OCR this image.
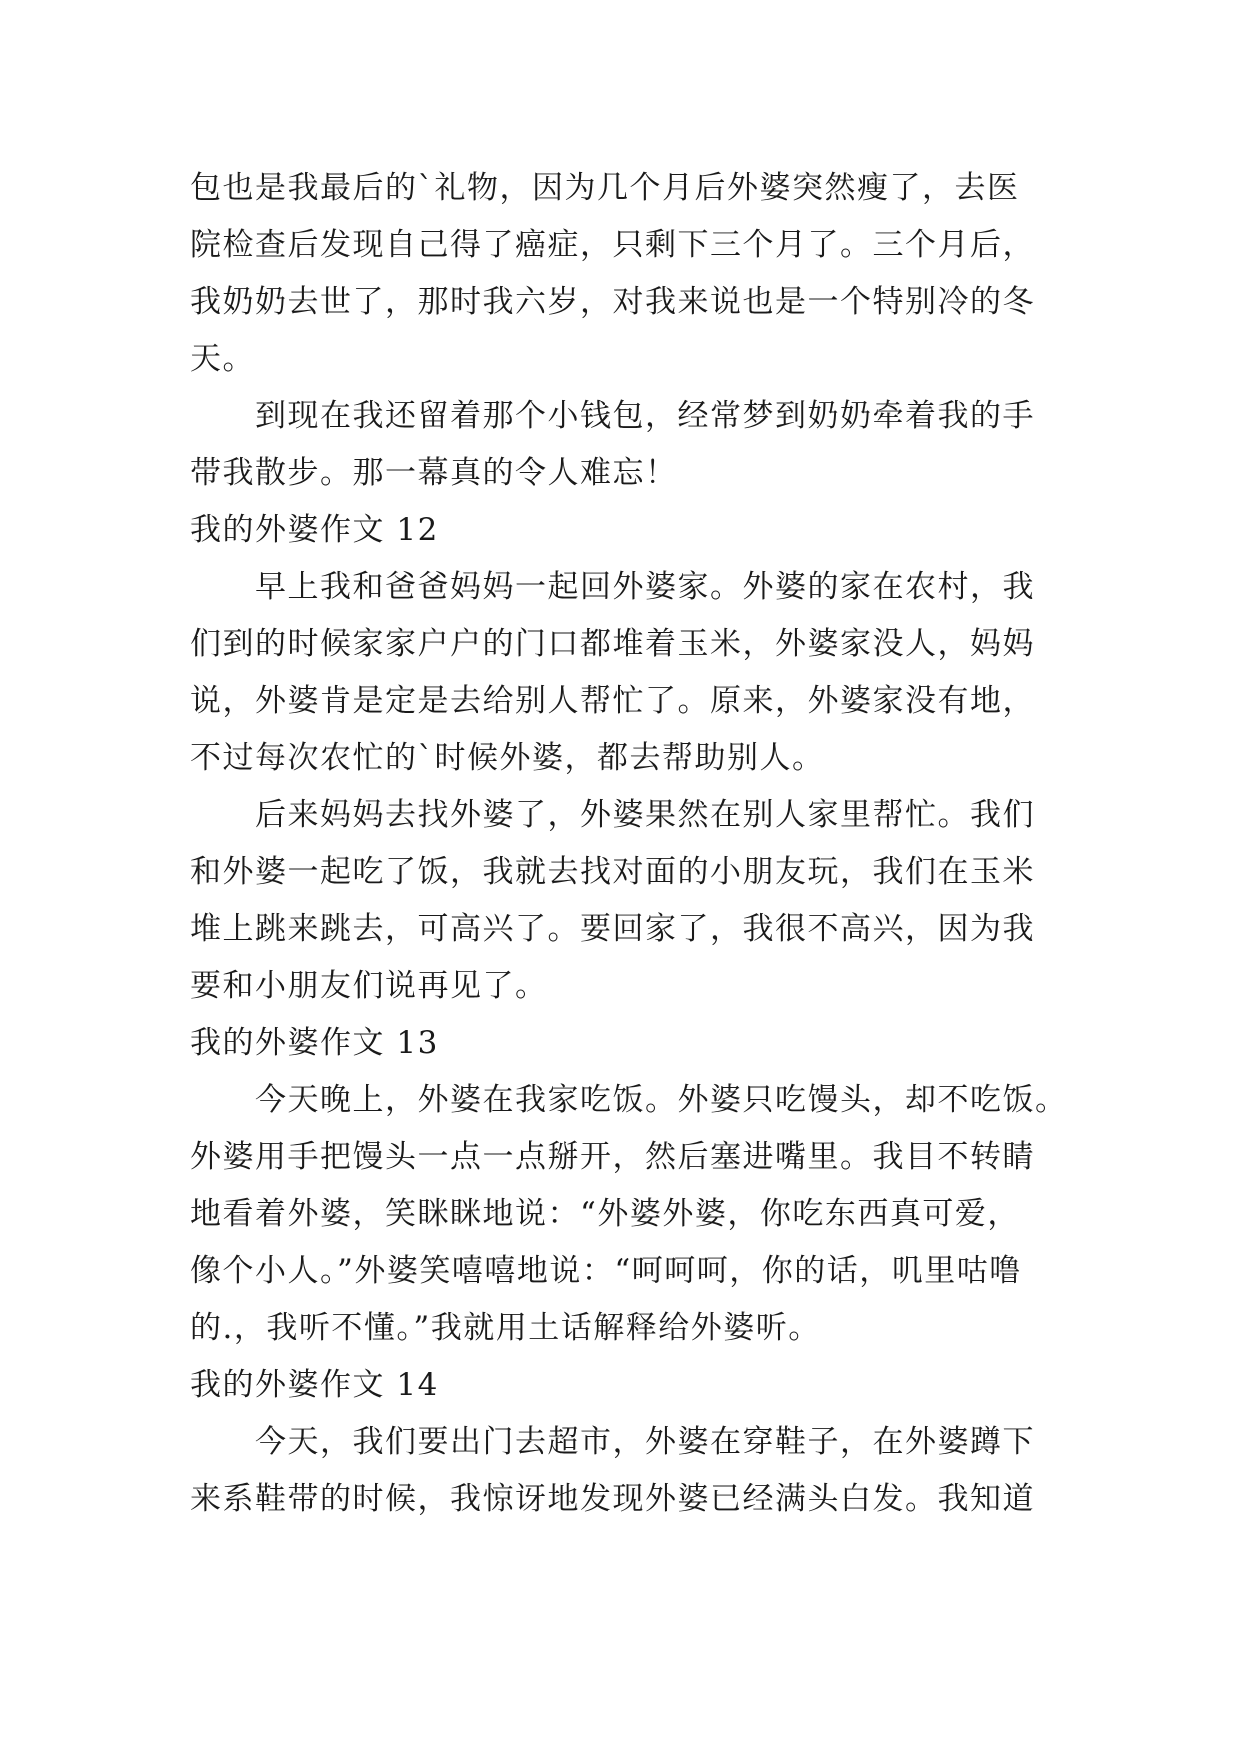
包也是我最后的`礼物，因为几个月后外婆突然瘦了，去医
院检查后发现自己得了癌症，只剩下三个月了。三个月后，
我奶奶去世了，那时我六岁，对我来说也是一个特别冷的冬
天。
到现在我还留着那个小钱包，经常梦到奶奶牵着我的手
带我散步。那一幕真的令人难忘！
我的外婆作文 12
早上我和爸爸妈妈一起回外婆家。外婆的家在农村，我
们到的时候家家户户的门口都堆着玉米，外婆家没人，妈妈
说，外婆肯是定是去给别人帮忙了。原来，外婆家没有地，
不过每次农忙的`时候外婆，都去帮助别人。
后来妈妈去找外婆了，外婆果然在别人家里帮忙。我们
和外婆一起吃了饭，我就去找对面的小朋友玩，我们在玉米
堆上跳来跳去，可高兴了。要回家了，我很不高兴，因为我
要和小朋友们说再见了。
我的外婆作文 13
今天晚上，外婆在我家吃饭。外婆只吃馒头，却不吃饭。
外婆用手把馒头一点一点掰开，然后塞进嘴里。我目不转睛
地看着外婆，笑眯眯地说：“外婆外婆，你吃东西真可爱，
像个小人。”外婆笑嘻嘻地说：“呵呵呵，你的话，叽里咕噜
的.，我听不懂。”我就用土话解释给外婆听。
我的外婆作文 14
今天，我们要出门去超市，外婆在穿鞋子，在外婆蹲下
来系鞋带的时候，我惊讶地发现外婆已经满头白发。我知道
